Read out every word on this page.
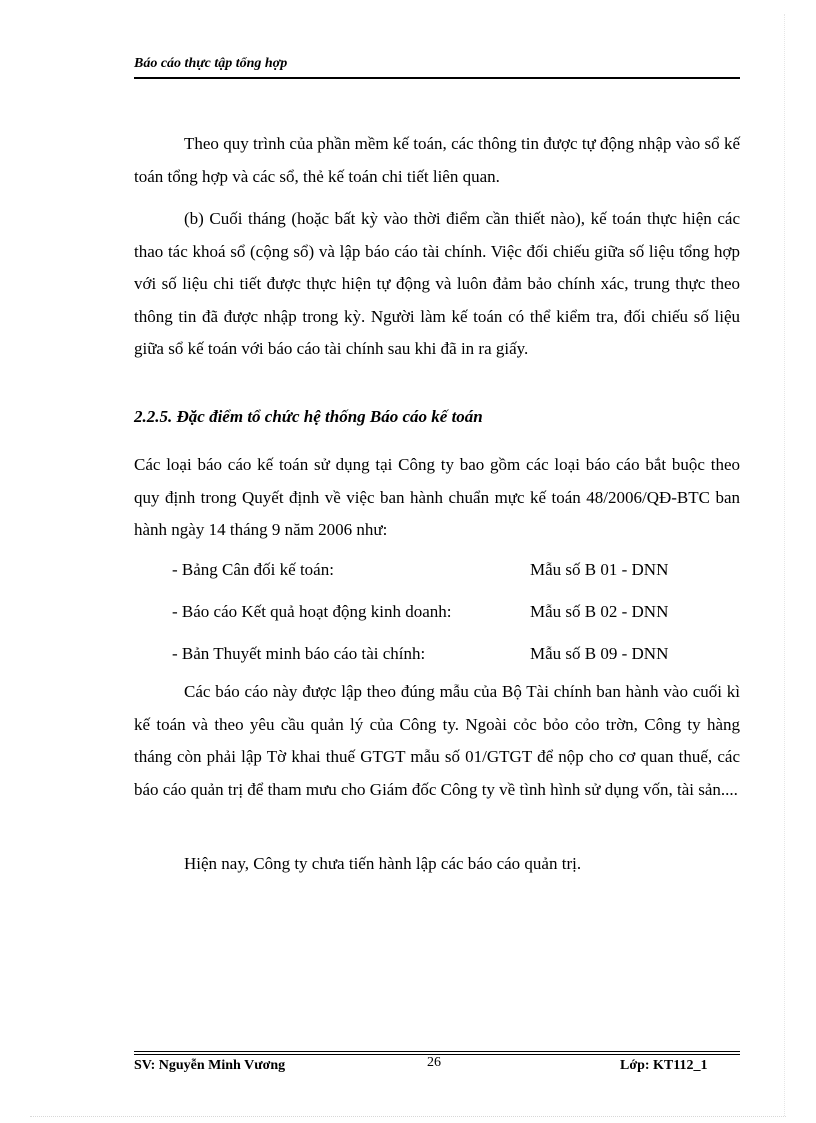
Báo cáo thực tập tổng hợp

Theo quy trình của phần mềm kế toán, các thông tin được tự động nhập vào sổ kế toán tổng hợp và các sổ, thẻ kế toán chi tiết liên quan.

(b) Cuối tháng (hoặc bất kỳ vào thời điểm cần thiết nào), kế toán thực hiện các thao tác khoá sổ (cộng sổ) và lập báo cáo tài chính. Việc đối chiếu giữa số liệu tổng hợp với số liệu chi tiết được thực hiện tự động và luôn đảm bảo chính xác, trung thực theo thông tin đã được nhập trong kỳ. Người làm kế toán có thể kiểm tra, đối chiếu số liệu giữa sổ kế toán với báo cáo tài chính sau khi đã in ra giấy.

2.2.5. Đặc điểm tổ chức hệ thống Báo cáo kế toán

Các loại báo cáo kế toán sử dụng tại Công ty bao gồm các loại báo cáo bắt buộc theo quy định trong Quyết định về việc ban hành chuẩn mực kế toán 48/2006/QĐ-BTC ban hành ngày 14 tháng 9 năm 2006 như:

- Bảng Cân đối kế toán:	Mẫu số B 01 - DNN
- Báo cáo Kết quả hoạt động kinh doanh:	Mẫu số B 02 - DNN
- Bản Thuyết minh báo cáo tài chính:	Mẫu số B 09 - DNN

Các báo cáo này được lập theo đúng mẫu của Bộ Tài chính ban hành vào cuối kì kế toán và theo yêu cầu quản lý của Công ty. Ngoài cỏc bỏo cỏo trờn, Công ty hàng tháng còn phải lập Tờ khai thuế GTGT mẫu số 01/GTGT để nộp cho cơ quan thuế, các báo cáo quản trị để tham mưu cho Giám đốc Công ty về tình hình sử dụng vốn, tài sản....

Hiện nay, Công ty chưa tiến hành lập các báo cáo quản trị.

SV: Nguyễn Minh Vương	26	Lớp: KT112_1
